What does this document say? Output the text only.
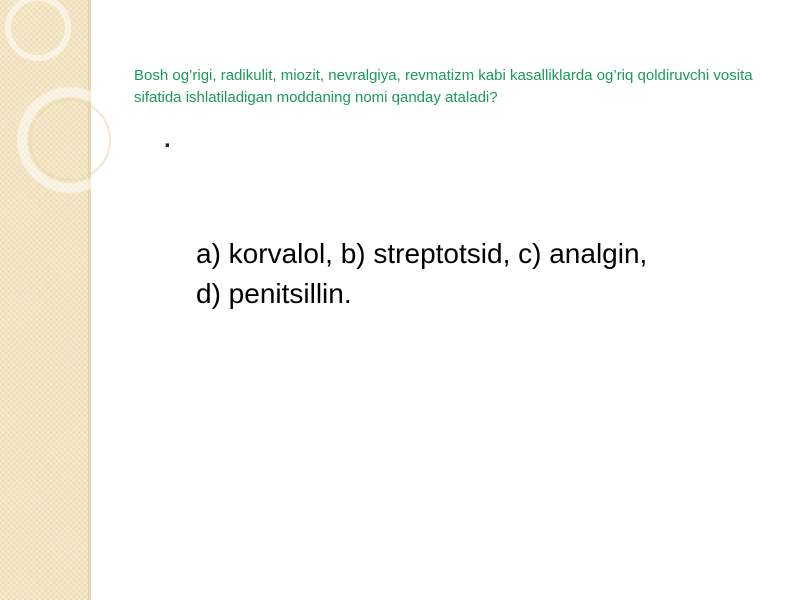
Bosh og’rigi, radikulit, miozit, nevralgiya, revmatizm kabi kasalliklarda og’riq qoldiruvchi vosita sifatida ishlatiladigan moddaning nomi qanday ataladi?

.
a) korvalol, b) streptotsid, c) analgin,
d) penitsillin.
